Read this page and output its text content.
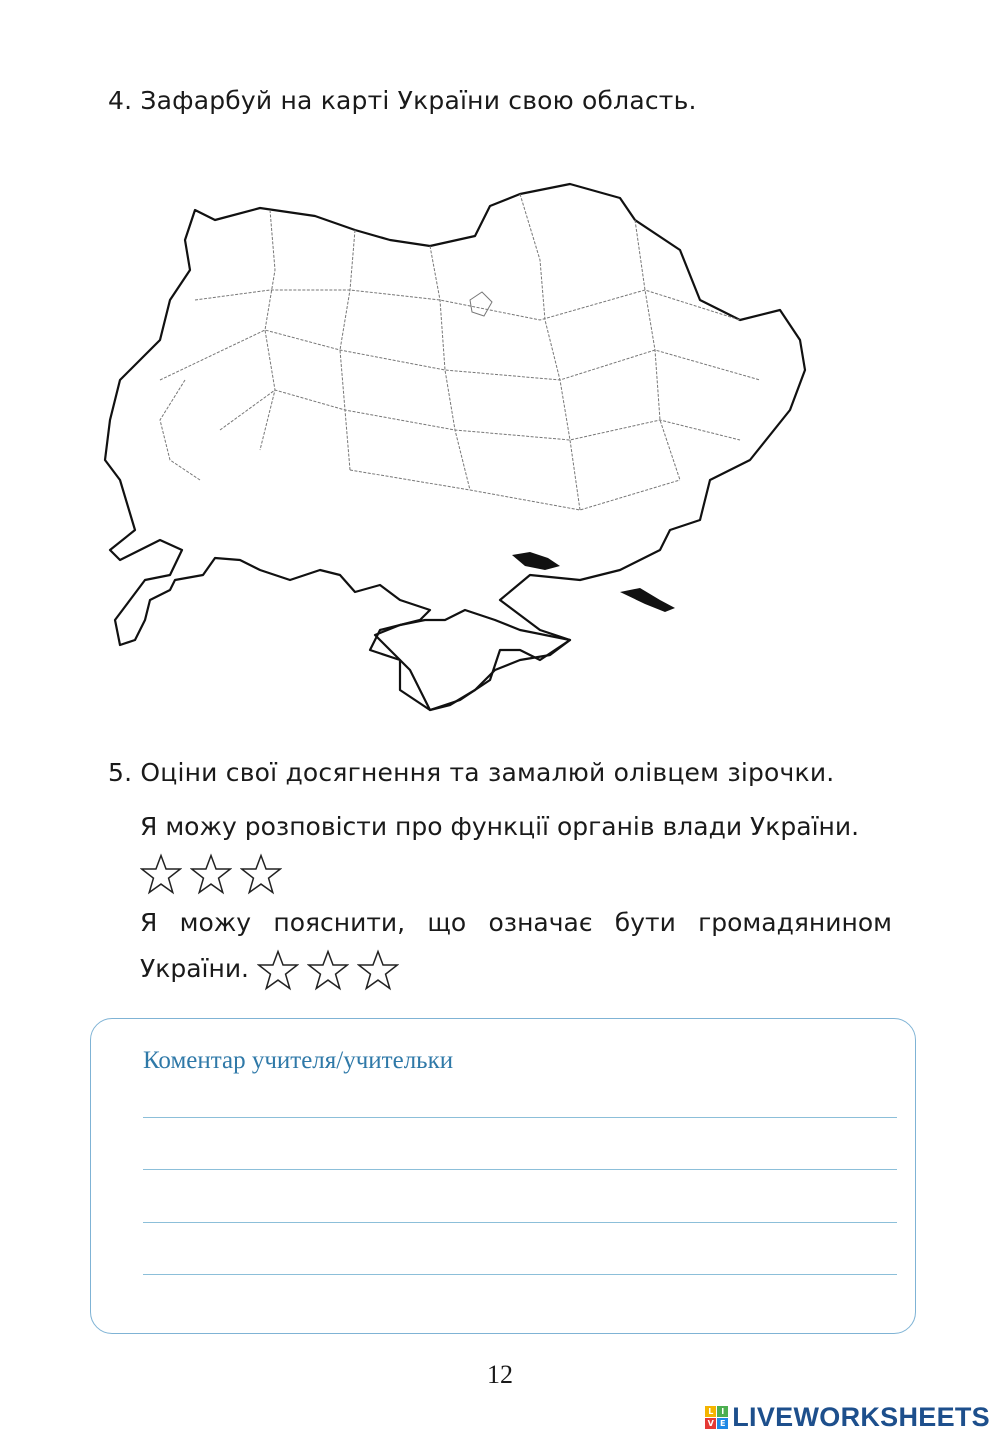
4. Зафарбуй на карті України свою область.
5. Оціни свої досягнення та замалюй олівцем зірочки.
Я можу розповісти про функції органів влади України.

Я можу пояснити, що означає бути громадянином України.
Коментар учителя/учительки
12
L I
V E LIVEWORKSHEETS
